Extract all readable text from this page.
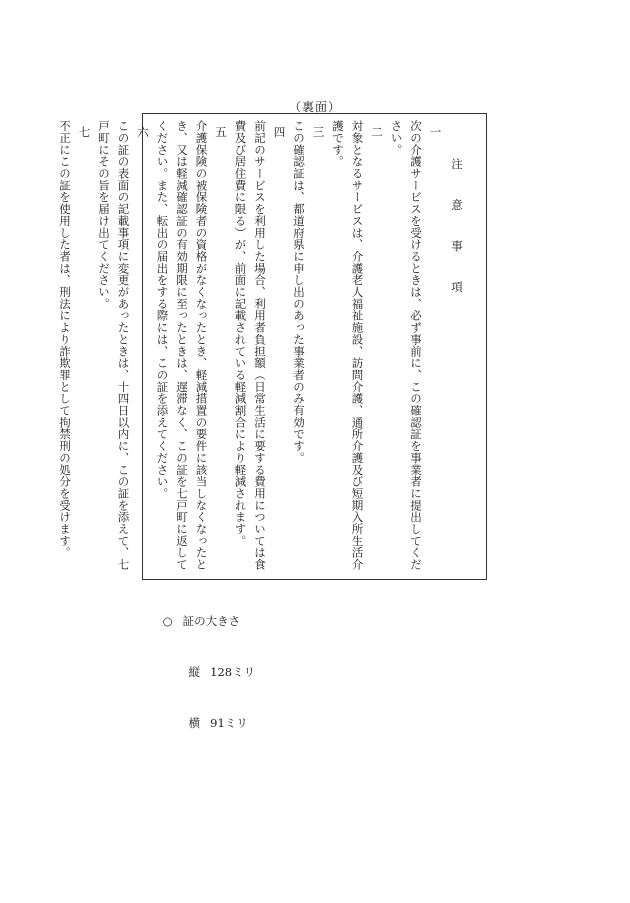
（裏面）
注　意　事　項
一
次の介護サービスを受けるときは、必ず事前に、この確認証を事業者に提出してください。
二
対象となるサービスは、介護老人福祉施設、訪問介護、通所介護及び短期入所生活介護です。
三
この確認証は、都道府県に申し出のあった事業者のみ有効です。
四
前記のサービスを利用した場合、利用者負担額（日常生活に要する費用については食費及び居住費に限る）が、前面に記載されている軽減割合により軽減されます。
五
介護保険の被保険者の資格がなくなったとき、軽減措置の要件に該当しなくなったとき、又は軽減確認証の有効期限に至ったときは、遅滞なく、この証を七戸町に返してください。また、転出の届出をする際には、この証を添えてください。
六
この証の表面の記載事項に変更があったときは、十四日以内に、この証を添えて、七戸町にその旨を届け出てください。
七
不正にこの証を使用した者は、刑法により詐欺罪として拘禁刑の処分を受けます。

○ 証の大きさ

縦 128ミリ

横 91ミリ
